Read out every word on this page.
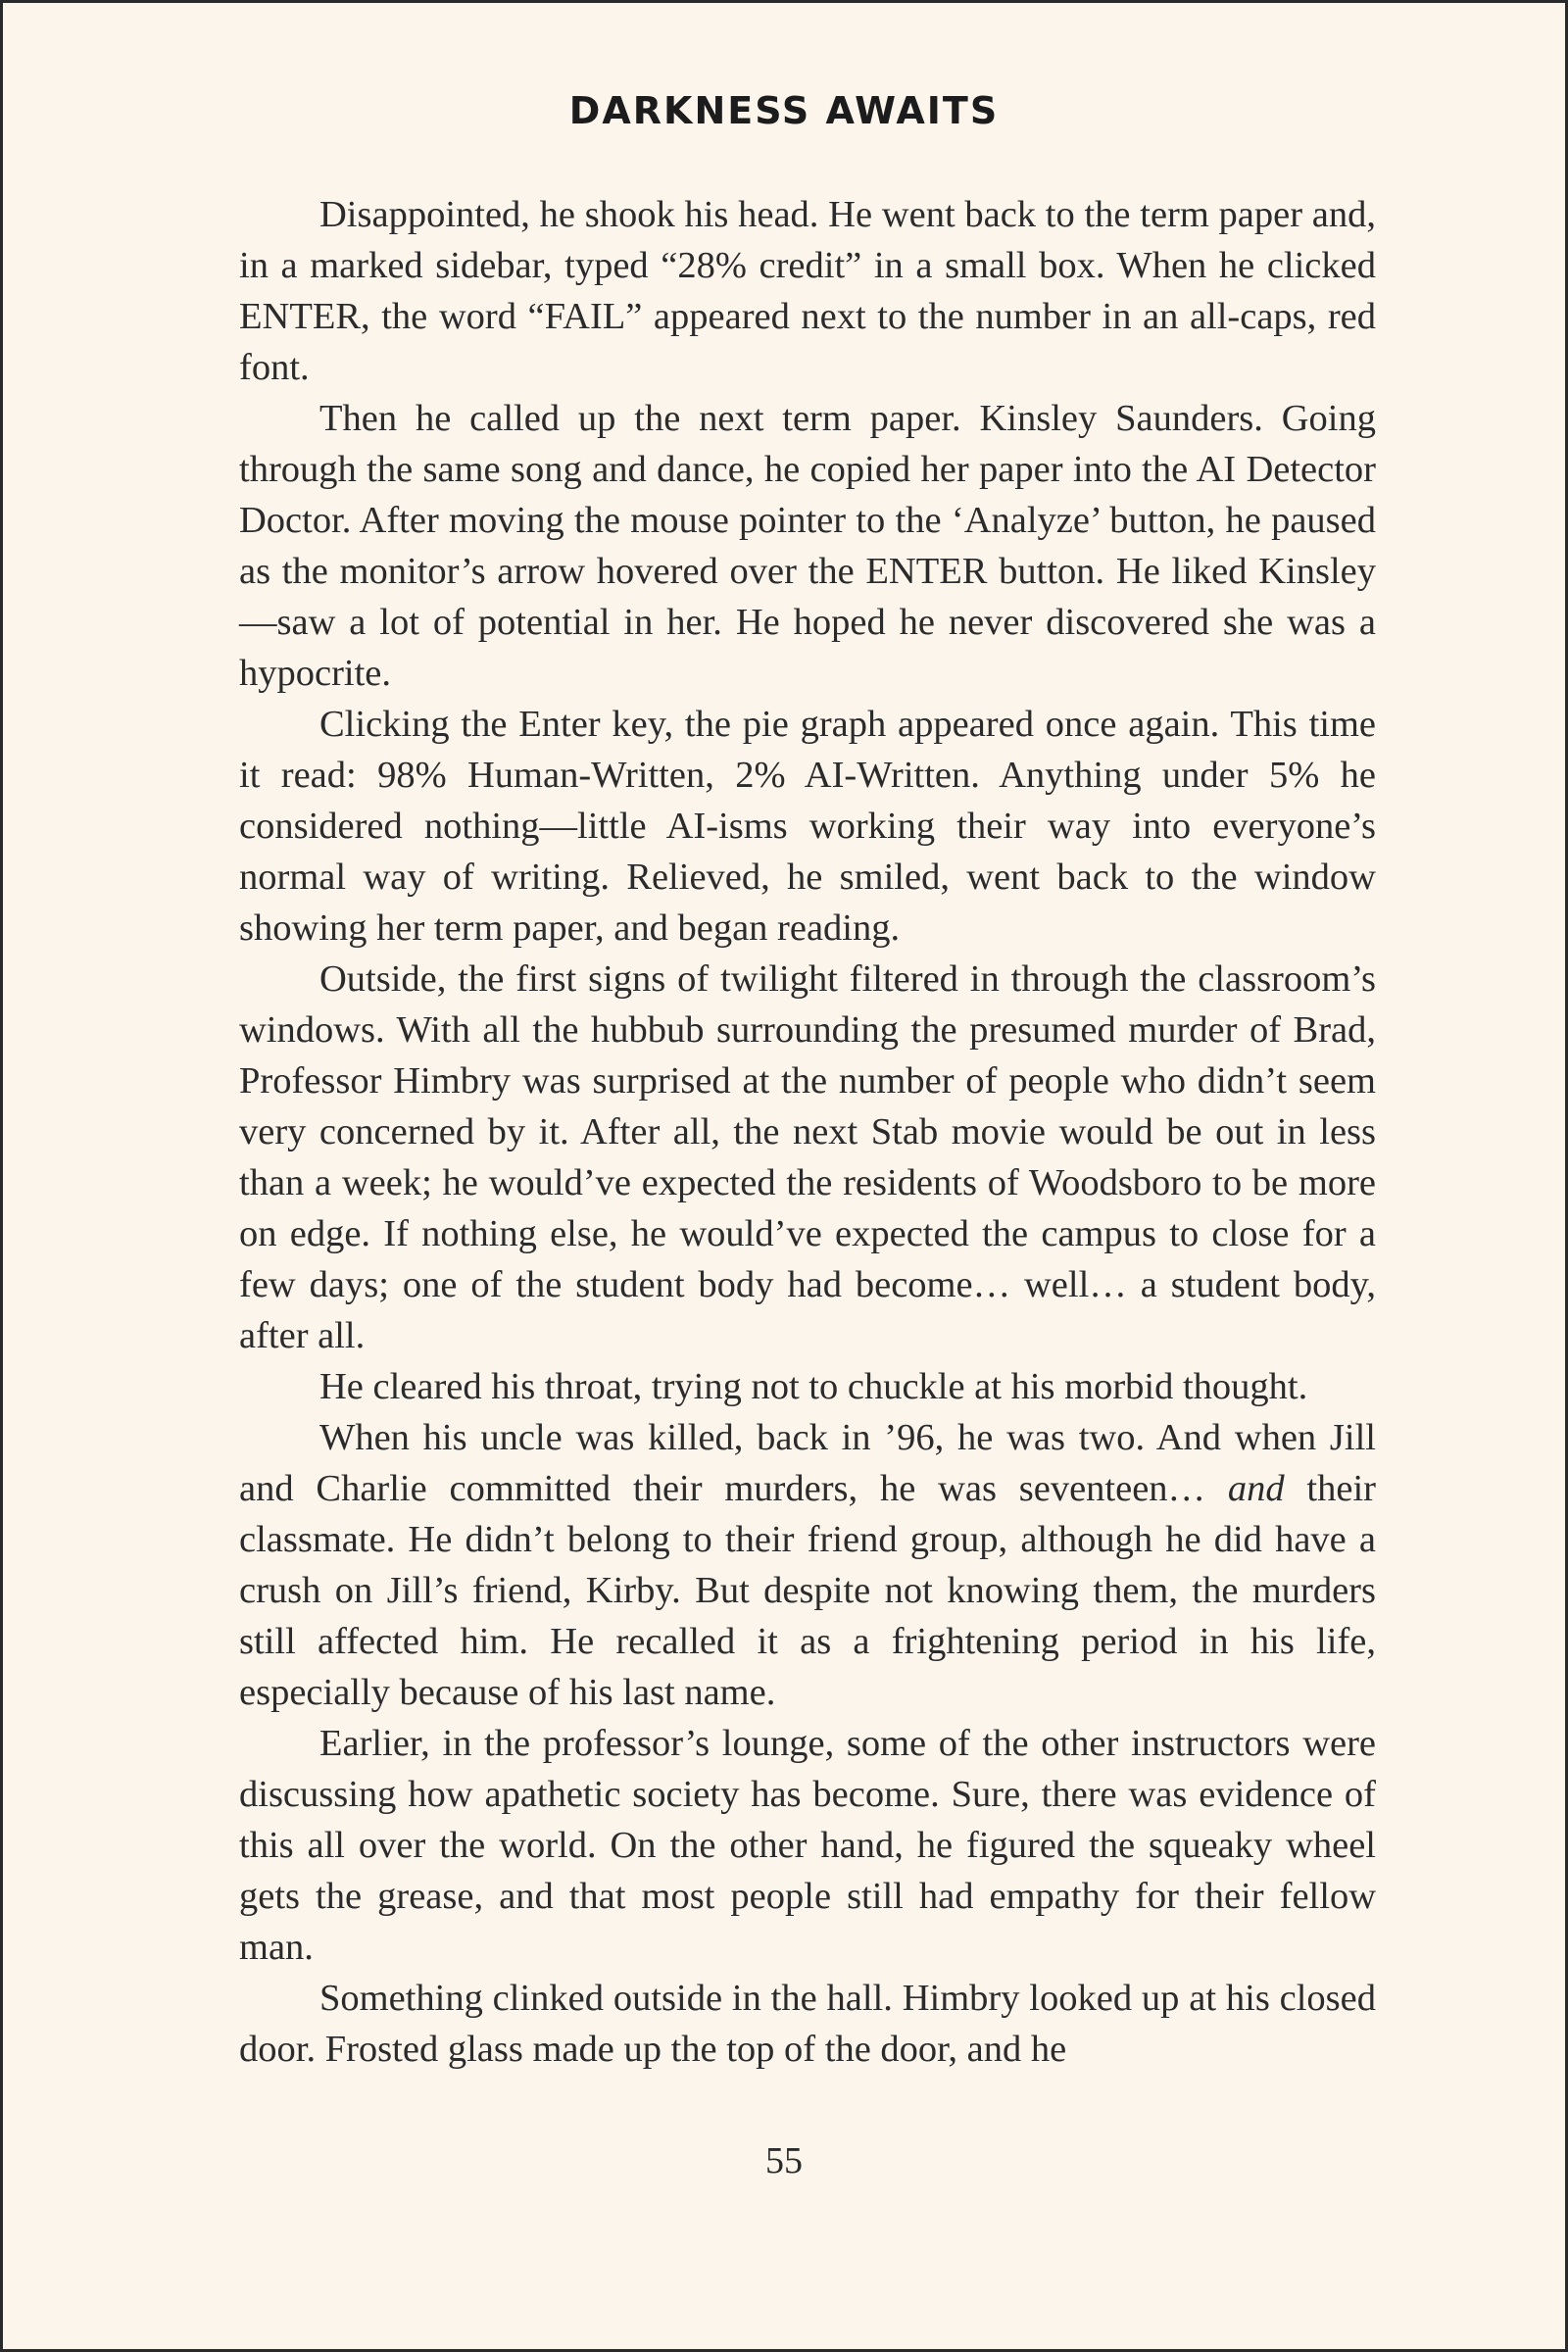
DARKNESS AWAITS

Disappointed, he shook his head. He went back to the term paper and, in a marked sidebar, typed “28% credit” in a small box. When he clicked ENTER, the word “FAIL” appeared next to the number in an all-caps, red font.

Then he called up the next term paper. Kinsley Saunders. Going through the same song and dance, he copied her paper into the AI Detector Doctor. After moving the mouse pointer to the ‘Analyze’ button, he paused as the monitor’s arrow hovered over the ENTER button. He liked Kinsley—saw a lot of potential in her. He hoped he never discovered she was a hypocrite.

Clicking the Enter key, the pie graph appeared once again. This time it read: 98% Human-Written, 2% AI-Written. Anything under 5% he considered nothing—little AI-isms working their way into everyone’s normal way of writing. Relieved, he smiled, went back to the window showing her term paper, and began reading.

Outside, the first signs of twilight filtered in through the classroom’s windows. With all the hubbub surrounding the presumed murder of Brad, Professor Himbry was surprised at the number of people who didn’t seem very concerned by it. After all, the next Stab movie would be out in less than a week; he would’ve expected the residents of Woodsboro to be more on edge. If nothing else, he would’ve expected the campus to close for a few days; one of the student body had become… well… a student body, after all.

He cleared his throat, trying not to chuckle at his morbid thought.

When his uncle was killed, back in ’96, he was two. And when Jill and Charlie committed their murders, he was seventeen… and their classmate. He didn’t belong to their friend group, although he did have a crush on Jill’s friend, Kirby. But despite not knowing them, the murders still affected him. He recalled it as a frightening period in his life, especially because of his last name.

Earlier, in the professor’s lounge, some of the other instructors were discussing how apathetic society has become. Sure, there was evidence of this all over the world. On the other hand, he figured the squeaky wheel gets the grease, and that most people still had empathy for their fellow man.

Something clinked outside in the hall. Himbry looked up at his closed door. Frosted glass made up the top of the door, and he

55
